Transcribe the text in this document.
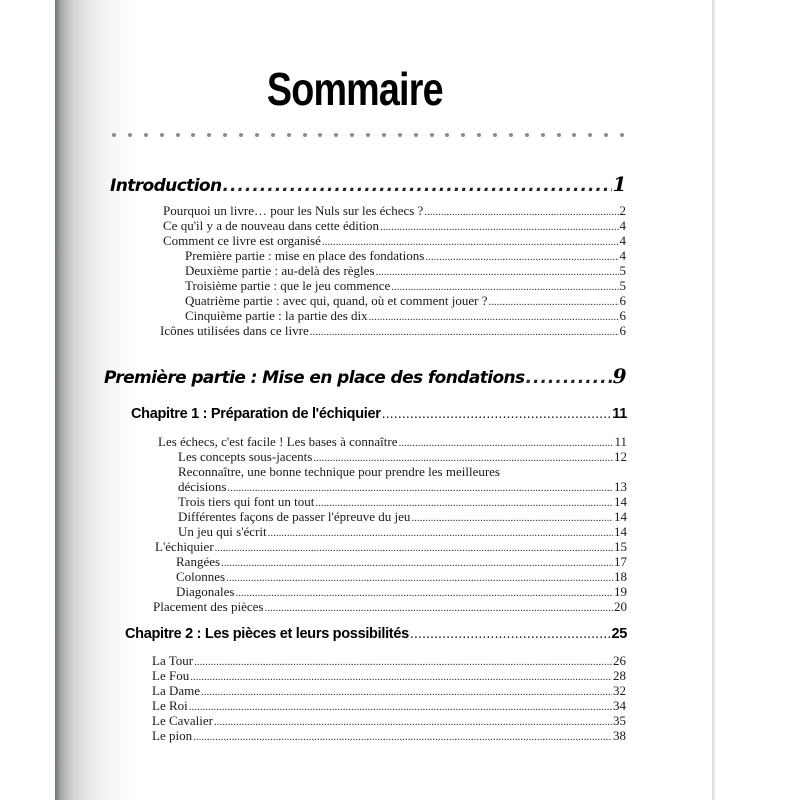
Sommaire
Introduction .....	1
Pourquoi un livre… pour les Nuls sur les échecs ? .....	2
Ce qu'il y a de nouveau dans cette édition .....	4
Comment ce livre est organisé .....	4
Première partie : mise en place des fondations .....	4
Deuxième partie : au-delà des règles .....	5
Troisième partie : que le jeu commence .....	5
Quatrième partie : avec qui, quand, où et comment jouer ? .....	6
Cinquième partie : la partie des dix .....	6
Icônes utilisées dans ce livre .....	6
Première partie : Mise en place des fondations .....	9
Chapitre 1 : Préparation de l'échiquier .....	11
Les échecs, c'est facile ! Les bases à connaître .....	11
Les concepts sous-jacents .....	12
Reconnaître, une bonne technique pour prendre les meilleures
décisions .....	13
Trois tiers qui font un tout .....	14
Différentes façons de passer l'épreuve du jeu .....	14
Un jeu qui s'écrit .....	14
L'échiquier .....	15
Rangées .....	17
Colonnes .....	18
Diagonales .....	19
Placement des pièces .....	20
Chapitre 2 : Les pièces et leurs possibilités .....	25
La Tour .....	26
Le Fou .....	28
La Dame .....	32
Le Roi .....	34
Le Cavalier .....	35
Le pion .....	38
